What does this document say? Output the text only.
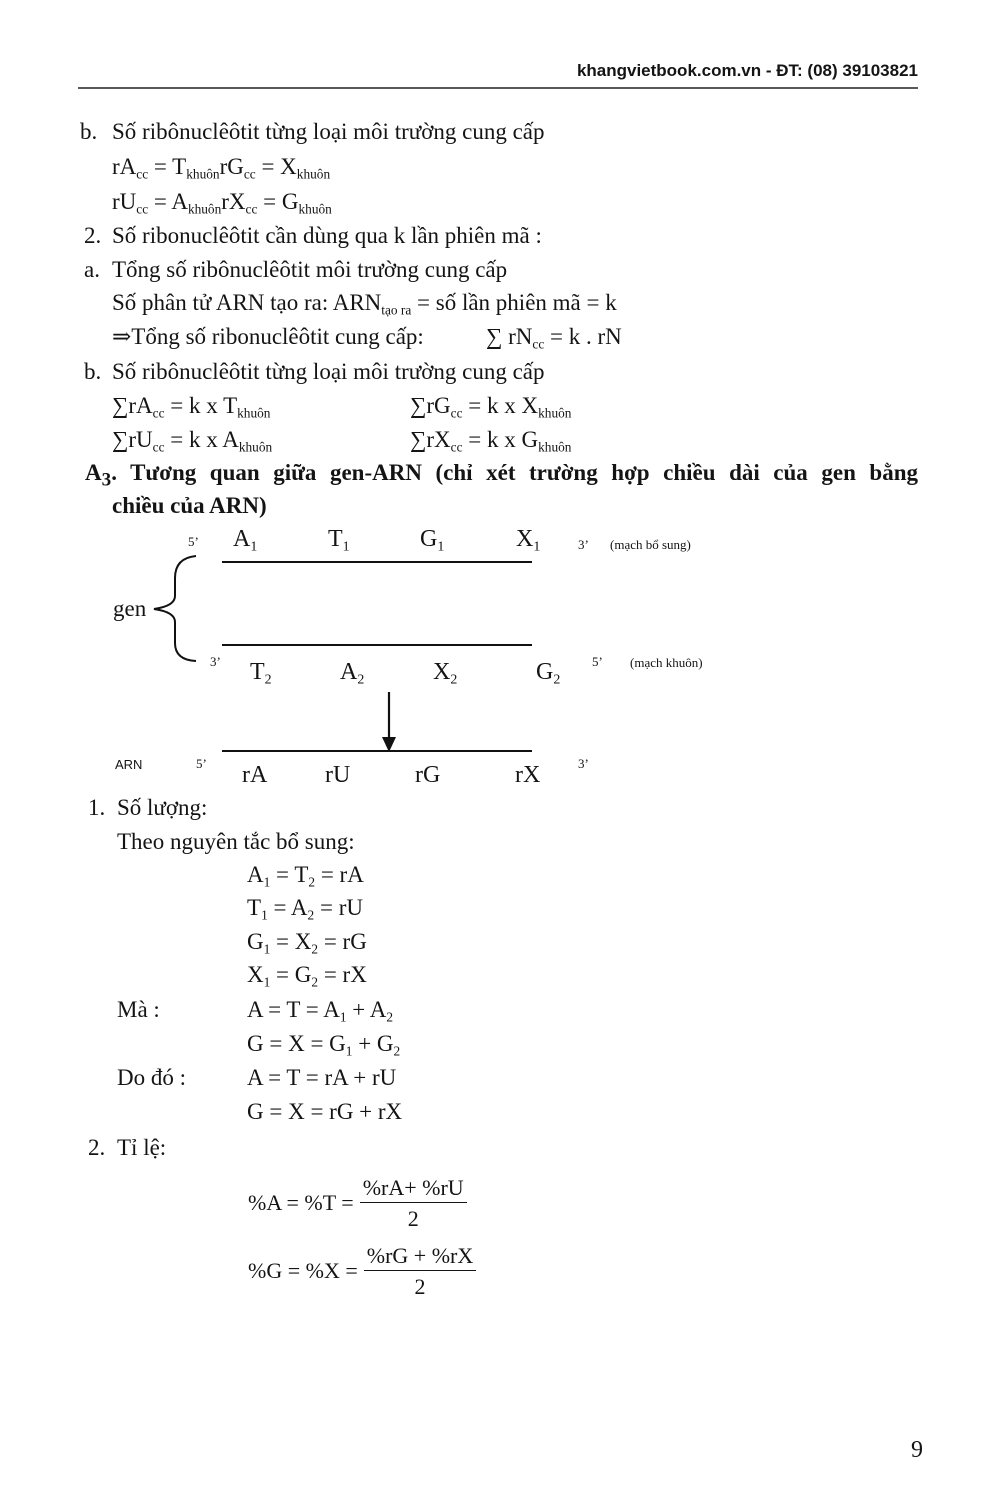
khangvietbook.com.vn - ĐT: (08) 39103821
b. Số ribônuclêôtit từng loại môi trường cung cấp
$rA_{cc} = T_{khuôn}rG_{cc} = X_{khuôn}$
$rU_{cc} = A_{khuôn}rX_{cc} = G_{khuôn}$
2. Số ribonuclêôtit cần dùng qua k lần phiên mã :
a. Tổng số ribônuclêôtit môi trường cung cấp
Số phân tử ARN tạo ra: $ARN_{tạo ra}$ = số lần phiên mã = k
⇒Tổng số ribonuclêôtit cung cấp:	∑ $rN_{cc} = k$ . rN
b. Số ribônuclêôtit từng loại môi trường cung cấp
$\sum rA_{cc} = k$ x $T_{khuôn}$	$\sum rG_{cc} = k$ x $X_{khuôn}$
$\sum rU_{cc} = k$ x $A_{khuôn}$	$\sum rX_{cc} = k$ x $G_{khuôn}$
$A_3$. Tương quan giữa gen-ARN (chỉ xét trường hợp chiều dài của gen bằng
chiều của ARN)
5’ $A_1$	$T_1$	$G_1$	$X_1$	3’ (mạch bổ sung)
gen
3’ $T_2$	$A_2$	$X_2$	$G_2$
5’ (mạch khuôn)
ARN	5’ rA rU	rG	rX	3’
1. Số lượng:
Theo nguyên tắc bổ sung:
$A_1 = T_2$ = rA
$T_1 = A_2$ = rU
$G_1 = X_2$ = rG
$X_1 = G_2$ = rX
Mà :	$A = T = A_1 + A_2$
$G = X = G_1 + G_2$
Do đó :	A = T = rA + rU
G = X = rG + rX
2. Tỉ lệ:
$\%A = \%T = \frac{\%rA+ \%rU}{2}$
$\%G = \%X = \frac{\%rG + \%rX}{2}$
9
